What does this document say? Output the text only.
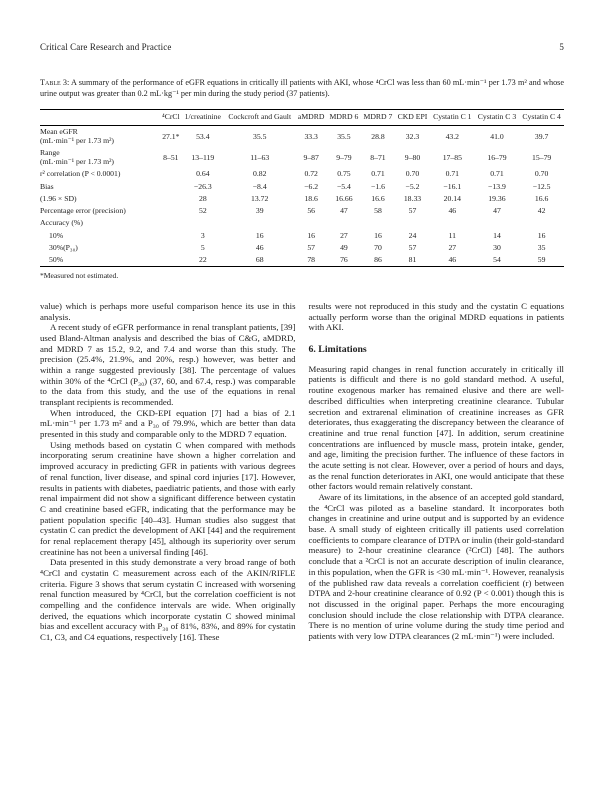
Critical Care Research and Practice	5
Table 3: A summary of the performance of eGFR equations in critically ill patients with AKI, whose ⁴CrCl was less than 60 mL·min⁻¹ per 1.73 m² and whose urine output was greater than 0.2 mL·kg⁻¹ per min during the study period (37 patients).
	⁴CrCl	1/creatinine	Cockcroft and Gault	aMDRD	MDRD 6	MDRD 7	CKD EPI	Cystatin C 1	Cystatin C 3	Cystatin C 4

Mean eGFR
(mL·min⁻¹ per 1.73 m²)	27.1*	53.4	35.5	33.3	35.5	28.8	32.3	43.2	41.0	39.7

Range
(mL·min⁻¹ per 1.73 m²)	8–51	13–119	11–63	9–87	9–79	8–71	9–80	17–85	16–79	15–79

r² correlation (P < 0.0001)		0.64	0.82	0.72	0.75	0.71	0.70	0.71	0.71	0.70

Bias		−26.3	−8.4	−6.2	−5.4	−1.6	−5.2	−16.1	−13.9	−12.5

(1.96 × SD)		28	13.72	18.6	16.66	16.6	18.33	20.14	19.36	16.6

Percentage error (precision)		52	39	56	47	58	57	46	47	42

Accuracy (%)										

10%		3	16	16	27	16	24	11	14	16

30%(P₃₀)		5	46	57	49	70	57	27	30	35

50%		22	68	78	76	86	81	46	54	59
*Measured not estimated.

value) which is perhaps more useful comparison hence its use in this analysis.

A recent study of eGFR performance in renal transplant patients, [39] used Bland-Altman analysis and described the bias of C&G, aMDRD, and MDRD 7 as 15.2, 9.2, and 7.4 and worse than this study. The precision (25.4%, 21.9%, and 20%, resp.) however, was better and within a range suggested previously [38]. The percentage of values within 30% of the ⁴CrCl (P₃₀) (37, 60, and 67.4, resp.) was comparable to the data from this study, and the use of the equations in renal transplant recipients is recommended.

When introduced, the CKD-EPI equation [7] had a bias of 2.1 mL·min⁻¹ per 1.73 m² and a P₃₀ of 79.9%, which are better than data presented in this study and comparable only to the MDRD 7 equation.

Using methods based on cystatin C when compared with methods incorporating serum creatinine have shown a higher correlation and improved accuracy in predicting GFR in patients with various degrees of renal function, liver disease, and spinal cord injuries [17]. However, results in patients with diabetes, paediatric patients, and those with early renal impairment did not show a significant difference between cystatin C and creatinine based eGFR, indicating that the performance may be patient population specific [40–43]. Human studies also suggest that cystatin C can predict the development of AKI [44] and the requirement for renal replacement therapy [45], although its superiority over serum creatinine has not been a universal finding [46].

Data presented in this study demonstrate a very broad range of both ⁴CrCl and cystatin C measurement across each of the AKIN/RIFLE criteria. Figure 3 shows that serum cystatin C increased with worsening renal function measured by ⁴CrCl, but the correlation coefficient is not compelling and the confidence intervals are wide. When originally derived, the equations which incorporate cystatin C showed minimal bias and excellent accuracy with P₃₀ of 81%, 83%, and 89% for cystatin C1, C3, and C4 equations, respectively [16]. These

results were not reproduced in this study and the cystatin C equations actually perform worse than the original MDRD equations in patients with AKI.

6. Limitations

Measuring rapid changes in renal function accurately in critically ill patients is difficult and there is no gold standard method. A useful, routine exogenous marker has remained elusive and there are well-described difficulties when interpreting creatinine clearance. Tubular secretion and extrarenal elimination of creatinine increases as GFR deteriorates, thus exaggerating the discrepancy between the clearance of creatinine and true renal function [47]. In addition, serum creatinine concentrations are influenced by muscle mass, protein intake, gender, and age, limiting the precision further. The influence of these factors in the acute setting is not clear. However, over a period of hours and days, as the renal function deteriorates in AKI, one would anticipate that these other factors would remain relatively constant.

Aware of its limitations, in the absence of an accepted gold standard, the ⁴CrCl was piloted as a baseline standard. It incorporates both changes in creatinine and urine output and is supported by an evidence base. A small study of eighteen critically ill patients used correlation coefficients to compare clearance of DTPA or inulin (their gold-standard measure) to 2-hour creatinine clearance (²CrCl) [48]. The authors conclude that a ²CrCl is not an accurate description of inulin clearance, in this population, when the GFR is <30 mL·min⁻¹. However, reanalysis of the published raw data reveals a correlation coefficient (r) between DTPA and 2-hour creatinine clearance of 0.92 (P < 0.001) though this is not discussed in the original paper. Perhaps the more encouraging conclusion should include the close relationship with DTPA clearance. There is no mention of urine volume during the study time period and patients with very low DTPA clearances (2 mL·min⁻¹) were included.
